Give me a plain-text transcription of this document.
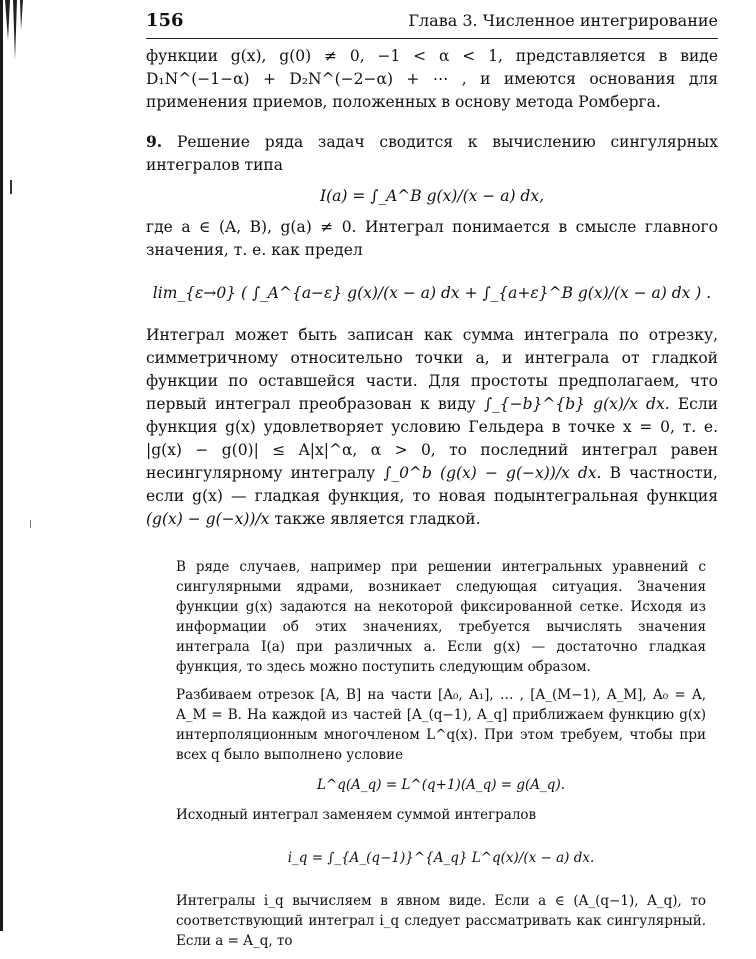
156	Глава 3. Численное интегрирование

функции g(x), g(0) ≠ 0, −1 < α < 1, представляется в виде D₁N^(−1−α) + D₂N^(−2−α) + ⋯ , и имеются основания для применения приемов, положенных в основу метода Ромберга.

9. Решение ряда задач сводится к вычислению сингулярных интегралов типа

I(a) = ∫_A^B g(x)/(x − a) dx,

где a ∈ (A, B), g(a) ≠ 0. Интеграл понимается в смысле главного значения, т. е. как предел

lim_{ε→0} ( ∫_A^{a−ε} g(x)/(x − a) dx + ∫_{a+ε}^B g(x)/(x − a) dx ) .

Интеграл может быть записан как сумма интеграла по отрезку, симметричному относительно точки a, и интеграла от гладкой функции по оставшейся части. Для простоты предполагаем, что первый интеграл преобразован к виду ∫_{−b}^{b} g(x)/x dx. Если функция g(x) удовлетворяет условию Гельдера в точке x = 0, т. е. |g(x) − g(0)| ≤ A|x|^α, α > 0, то последний интеграл равен несингулярному интегралу ∫_0^b (g(x) − g(−x))/x dx. В частности, если g(x) — гладкая функция, то новая подынтегральная функция (g(x) − g(−x))/x также является гладкой.

В ряде случаев, например при решении интегральных уравнений с сингулярными ядрами, возникает следующая ситуация. Значения функции g(x) задаются на некоторой фиксированной сетке. Исходя из информации об этих значениях, требуется вычислять значения интеграла I(a) при различных a. Если g(x) — достаточно гладкая функция, то здесь можно поступить следующим образом.

Разбиваем отрезок [A, B] на части [A₀, A₁], … , [A_(M−1), A_M], A₀ = A, A_M = B. На каждой из частей [A_(q−1), A_q] приближаем функцию g(x) интерполяционным многочленом L^q(x). При этом требуем, чтобы при всех q было выполнено условие

L^q(A_q) = L^(q+1)(A_q) = g(A_q).

Исходный интеграл заменяем суммой интегралов

i_q = ∫_{A_(q−1)}^{A_q} L^q(x)/(x − a) dx.

Интегралы i_q вычисляем в явном виде. Если a ∈ (A_(q−1), A_q), то соответствующий интеграл i_q следует рассматривать как сингулярный. Если a = A_q, то
